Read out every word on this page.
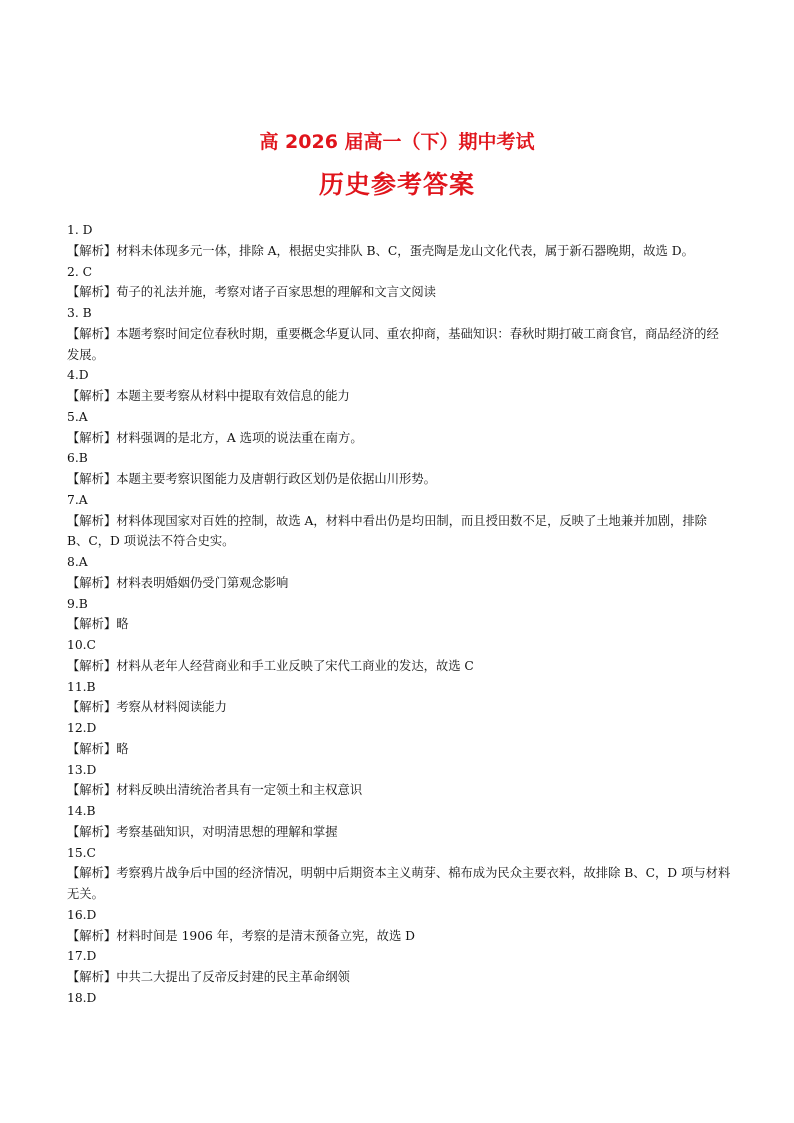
高 2026 届高一（下）期中考试
历史参考答案
1. D
【解析】材料未体现多元一体，排除 A，根据史实排队 B、C，蛋壳陶是龙山文化代表，属于新石器晚期，故选 D。
2. C
【解析】荀子的礼法并施，考察对诸子百家思想的理解和文言文阅读
3. B
【解析】本题考察时间定位春秋时期，重要概念华夏认同、重农抑商，基础知识：春秋时期打破工商食官，商品经济的经发展。
4.D
【解析】本题主要考察从材料中提取有效信息的能力
5.A
【解析】材料强调的是北方，A 选项的说法重在南方。
6.B
【解析】本题主要考察识图能力及唐朝行政区划仍是依据山川形势。
7.A
【解析】材料体现国家对百姓的控制，故选 A，材料中看出仍是均田制，而且授田数不足，反映了土地兼并加剧，排除 B、C，D 项说法不符合史实。
8.A
【解析】材料表明婚姻仍受门第观念影响
9.B
【解析】略
10.C
【解析】材料从老年人经营商业和手工业反映了宋代工商业的发达，故选 C
11.B
【解析】考察从材料阅读能力
12.D
【解析】略
13.D
【解析】材料反映出清统治者具有一定领土和主权意识
14.B
【解析】考察基础知识，对明清思想的理解和掌握
15.C
【解析】考察鸦片战争后中国的经济情况，明朝中后期资本主义萌芽、棉布成为民众主要衣料，故排除 B、C，D 项与材料无关。
16.D
【解析】材料时间是 1906 年，考察的是清末预备立宪，故选 D
17.D
【解析】中共二大提出了反帝反封建的民主革命纲领
18.D
